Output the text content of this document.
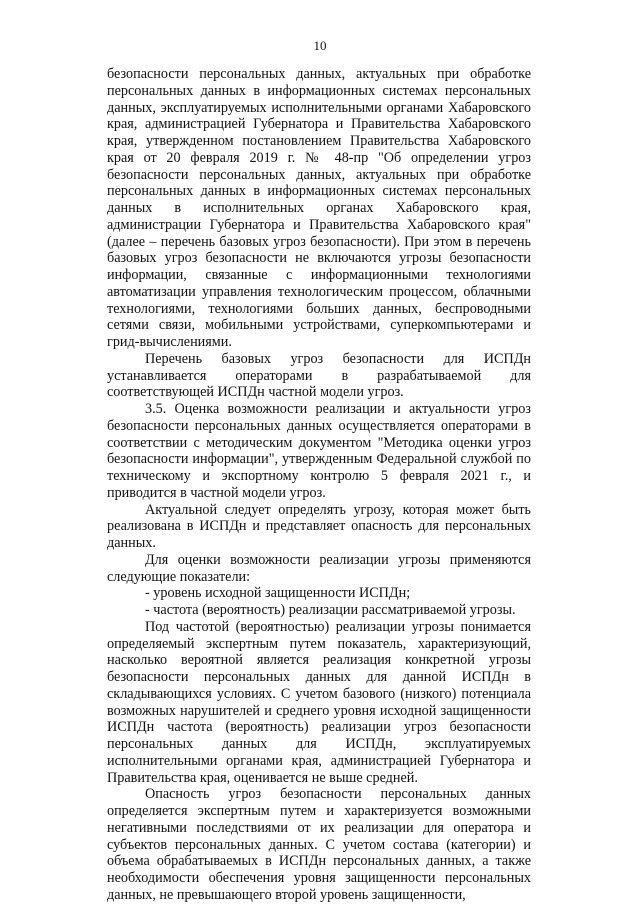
10

безопасности персональных данных, актуальных при обработке персональных данных в информационных системах персональных данных, эксплуатируемых исполнительными органами Хабаровского края, администрацией Губернатора и Правительства Хабаровского края, утвержденном постановлением Правительства Хабаровского края от 20 февраля 2019 г. № 48-пр "Об определении угроз безопасности персональных данных, актуальных при обработке персональных данных в информационных системах персональных данных в исполнительных органах Хабаровского края, администрации Губернатора и Правительства Хабаровского края" (далее – перечень базовых угроз безопасности). При этом в перечень базовых угроз безопасности не включаются угрозы безопасности информации, связанные с информационными технологиями автоматизации управления технологическим процессом, облачными технологиями, технологиями больших данных, беспроводными сетями связи, мобильными устройствами, суперкомпьютерами и грид-вычислениями.

Перечень базовых угроз безопасности для ИСПДн устанавливается операторами в разрабатываемой для соответствующей ИСПДн частной модели угроз.

3.5. Оценка возможности реализации и актуальности угроз безопасности персональных данных осуществляется операторами в соответствии с методическим документом "Методика оценки угроз безопасности информации", утвержденным Федеральной службой по техническому и экспортному контролю 5 февраля 2021 г., и приводится в частной модели угроз.

Актуальной следует определять угрозу, которая может быть реализована в ИСПДн и представляет опасность для персональных данных.

Для оценки возможности реализации угрозы применяются следующие показатели:

- уровень исходной защищенности ИСПДн;

- частота (вероятность) реализации рассматриваемой угрозы.

Под частотой (вероятностью) реализации угрозы понимается определяемый экспертным путем показатель, характеризующий, насколько вероятной является реализация конкретной угрозы безопасности персональных данных для данной ИСПДн в складывающихся условиях. С учетом базового (низкого) потенциала возможных нарушителей и среднего уровня исходной защищенности ИСПДн частота (вероятность) реализации угроз безопасности персональных данных для ИСПДн, эксплуатируемых исполнительными органами края, администрацией Губернатора и Правительства края, оценивается не выше средней.

Опасность угроз безопасности персональных данных определяется экспертным путем и характеризуется возможными негативными последствиями от их реализации для оператора и субъектов персональных данных. С учетом состава (категории) и объема обрабатываемых в ИСПДн персональных данных, а также необходимости обеспечения уровня защищенности персональных данных, не превышающего второй уровень защищенности,
